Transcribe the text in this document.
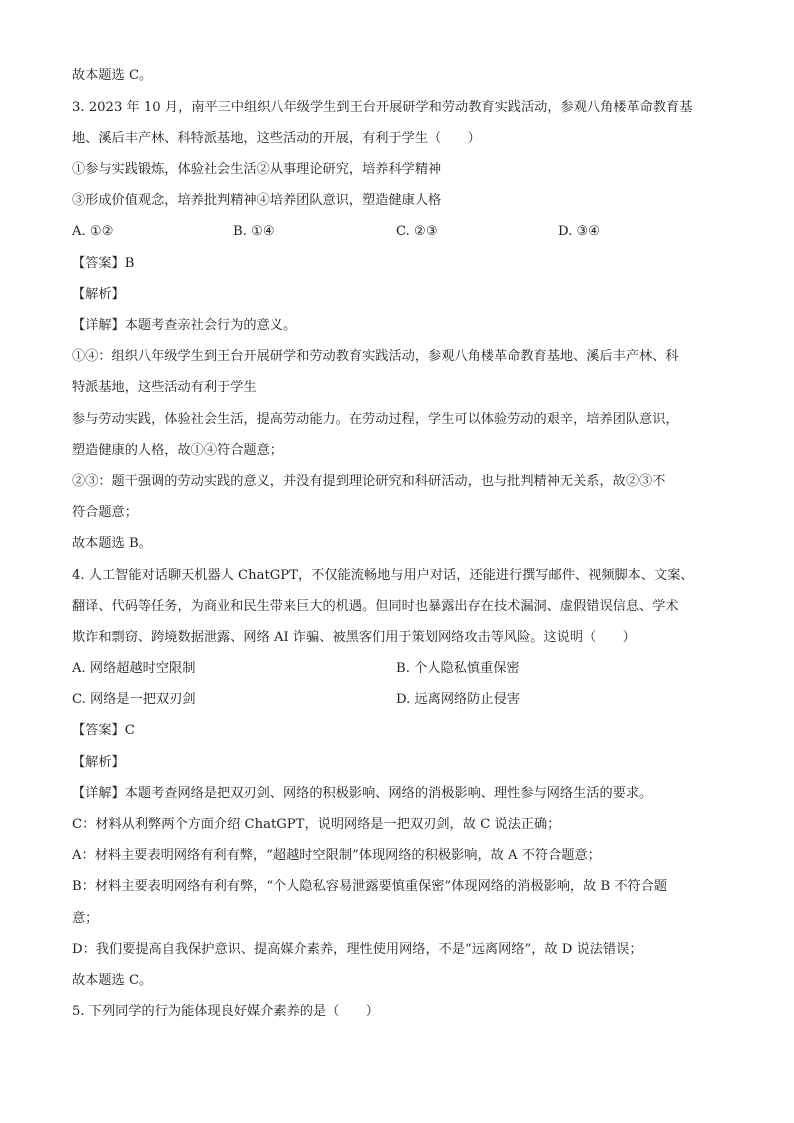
故本题选 C。
3. 2023 年 10 月，南平三中组织八年级学生到王台开展研学和劳动教育实践活动，参观八角楼革命教育基
地、溪后丰产林、科特派基地，这些活动的开展，有利于学生（　　）
①参与实践锻炼，体验社会生活②从事理论研究，培养科学精神
③形成价值观念，培养批判精神④培养团队意识，塑造健康人格
A. ①②	B. ①④	C. ②③	D. ③④
【答案】B
【解析】
【详解】本题考查亲社会行为的意义。
①④：组织八年级学生到王台开展研学和劳动教育实践活动，参观八角楼革命教育基地、溪后丰产林、科
特派基地，这些活动有利于学生
参与劳动实践，体验社会生活，提高劳动能力。在劳动过程，学生可以体验劳动的艰辛，培养团队意识，
塑造健康的人格，故①④符合题意；
②③：题干强调的劳动实践的意义，并没有提到理论研究和科研活动，也与批判精神无关系，故②③不
符合题意；
故本题选 B。
4. 人工智能对话聊天机器人 ChatGPT，不仅能流畅地与用户对话，还能进行撰写邮件、视频脚本、文案、
翻译、代码等任务，为商业和民生带来巨大的机遇。但同时也暴露出存在技术漏洞、虚假错误信息、学术
欺诈和剽窃、跨境数据泄露、网络 AI 诈骗、被黑客们用于策划网络攻击等风险。这说明（　　）
A. 网络超越时空限制	B. 个人隐私慎重保密
C. 网络是一把双刃剑	D. 远离网络防止侵害
【答案】C
【解析】
【详解】本题考查网络是把双刃剑、网络的积极影响、网络的消极影响、理性参与网络生活的要求。
C：材料从利弊两个方面介绍 ChatGPT，说明网络是一把双刃剑，故 C 说法正确；
A：材料主要表明网络有利有弊，“超越时空限制”体现网络的积极影响，故 A 不符合题意；
B：材料主要表明网络有利有弊，“个人隐私容易泄露要慎重保密”体现网络的消极影响，故 B 不符合题
意；
D：我们要提高自我保护意识、提高媒介素养，理性使用网络，不是“远离网络”，故 D 说法错误；
故本题选 C。
5. 下列同学的行为能体现良好媒介素养的是（　　）
